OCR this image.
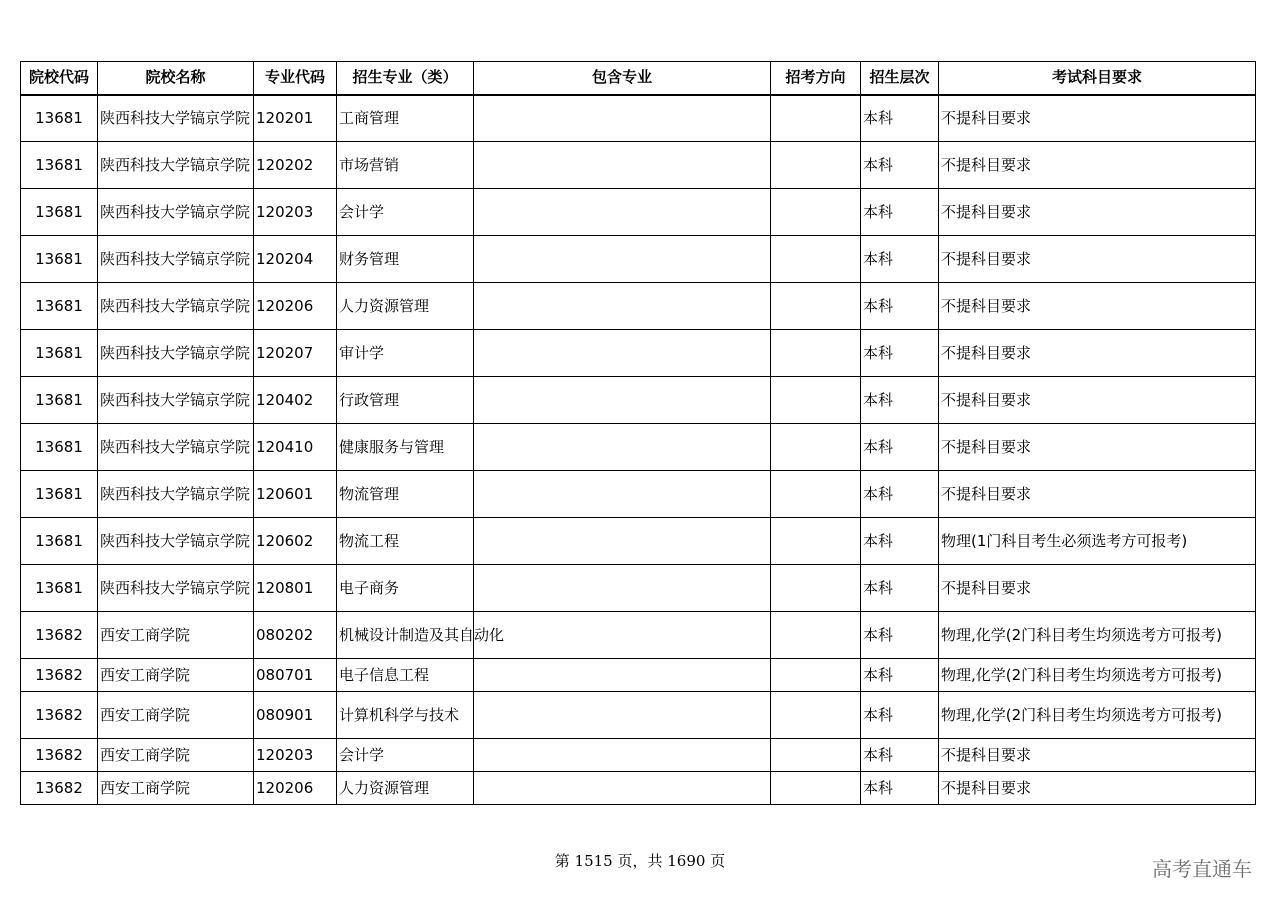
院校代码	院校名称	专业代码	招生专业（类）	包含专业	招考方向	招生层次	考试科目要求
13681	陕西科技大学镐京学院	120201	工商管理			本科	不提科目要求
13681	陕西科技大学镐京学院	120202	市场营销			本科	不提科目要求
13681	陕西科技大学镐京学院	120203	会计学			本科	不提科目要求
13681	陕西科技大学镐京学院	120204	财务管理			本科	不提科目要求
13681	陕西科技大学镐京学院	120206	人力资源管理			本科	不提科目要求
13681	陕西科技大学镐京学院	120207	审计学			本科	不提科目要求
13681	陕西科技大学镐京学院	120402	行政管理			本科	不提科目要求
13681	陕西科技大学镐京学院	120410	健康服务与管理			本科	不提科目要求
13681	陕西科技大学镐京学院	120601	物流管理			本科	不提科目要求
13681	陕西科技大学镐京学院	120602	物流工程			本科	物理(1门科目考生必须选考方可报考)
13681	陕西科技大学镐京学院	120801	电子商务			本科	不提科目要求
13682	西安工商学院	080202	机械设计制造及其自动化			本科	物理,化学(2门科目考生均须选考方可报考)
13682	西安工商学院	080701	电子信息工程			本科	物理,化学(2门科目考生均须选考方可报考)
13682	西安工商学院	080901	计算机科学与技术			本科	物理,化学(2门科目考生均须选考方可报考)
13682	西安工商学院	120203	会计学			本科	不提科目要求
13682	西安工商学院	120206	人力资源管理			本科	不提科目要求
第 1515 页，共 1690 页	高考直通车
